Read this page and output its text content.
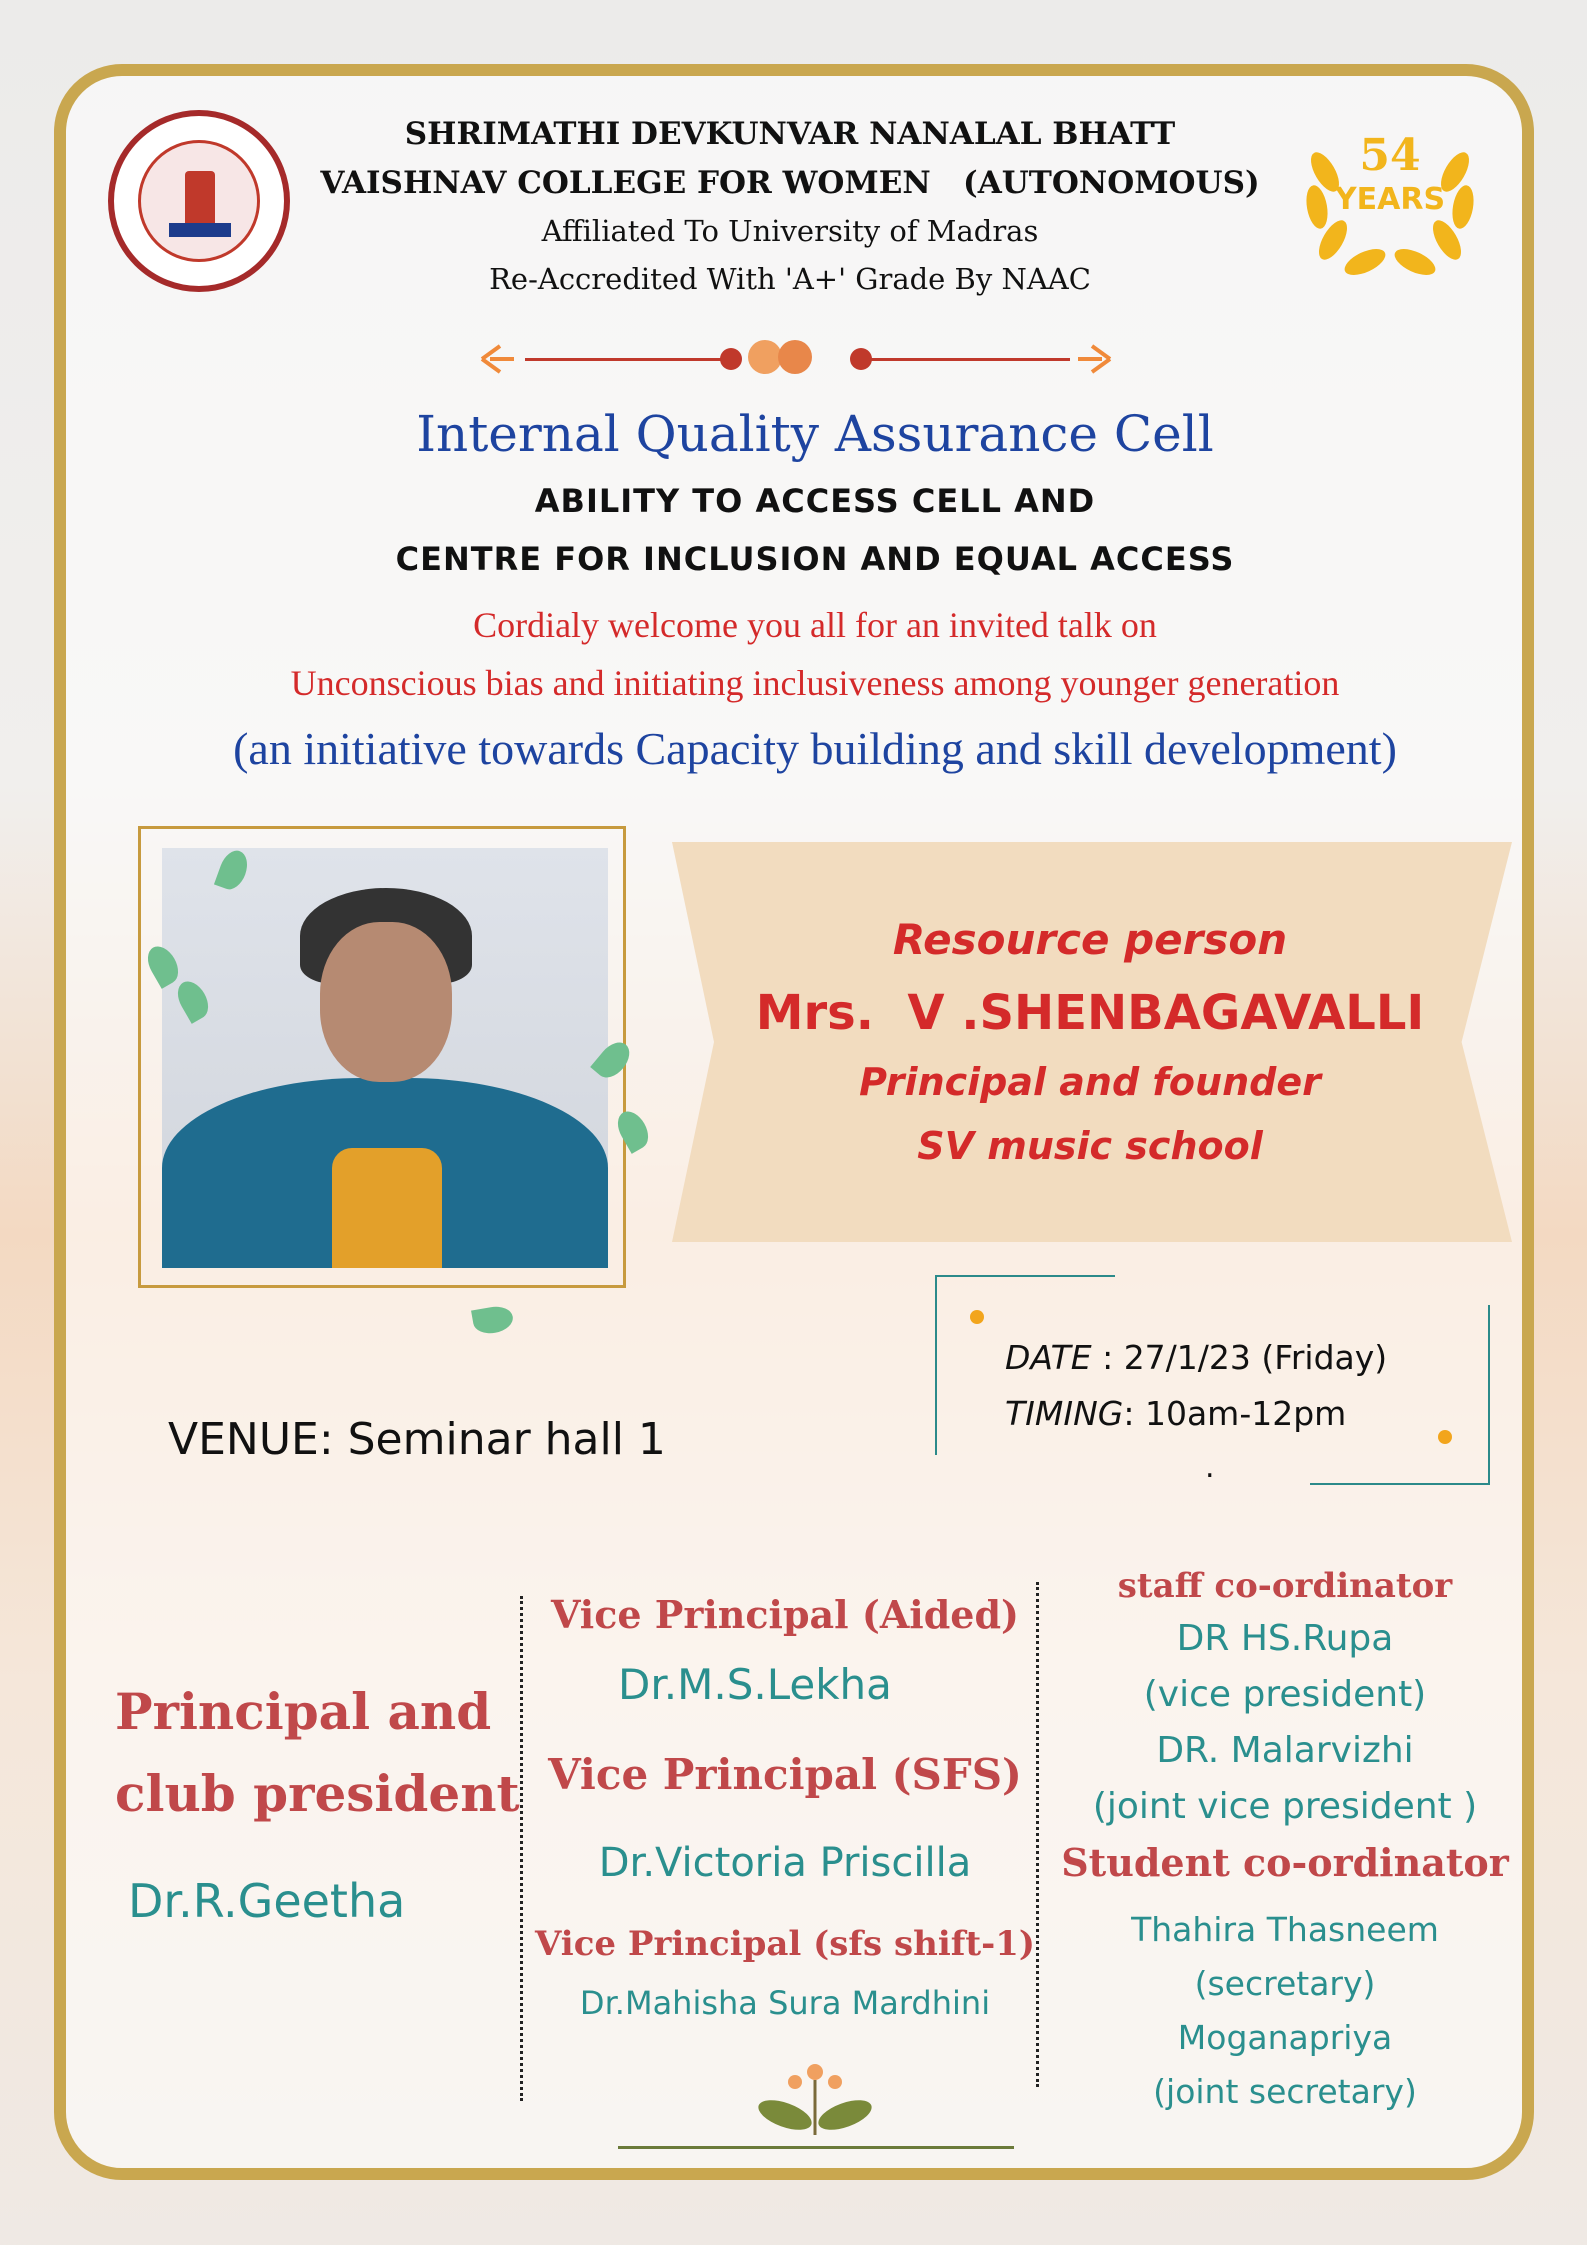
54
YEARS
SHRIMATHI DEVKUNVAR NANALAL BHATT
VAISHNAV COLLEGE FOR WOMEN   (AUTONOMOUS)
Affiliated To University of Madras
Re-Accredited With 'A+' Grade By NAAC
Internal Quality Assurance Cell
ABILITY TO ACCESS CELL AND
CENTRE FOR INCLUSION AND EQUAL ACCESS
Cordialy welcome you all for an invited talk on
Unconscious bias and initiating inclusiveness among younger generation
(an initiative towards Capacity building and skill development)
Resource person
Mrs.  V .SHENBAGAVALLI
Principal and founder
SV music school
DATE : 27/1/23 (Friday)
TIMING: 10am-12pm
.
VENUE: Seminar hall 1
Principal and
club president
Dr.R.Geetha
Vice Principal (Aided)
Dr.M.S.Lekha
Vice Principal (SFS)
Dr.Victoria Priscilla
Vice Principal (sfs shift-1)
Dr.Mahisha Sura Mardhini
staff co-ordinator
DR HS.Rupa
(vice president)
DR. Malarvizhi
(joint vice president )
Student co-ordinator
Thahira Thasneem
(secretary)
Moganapriya
(joint secretary)
